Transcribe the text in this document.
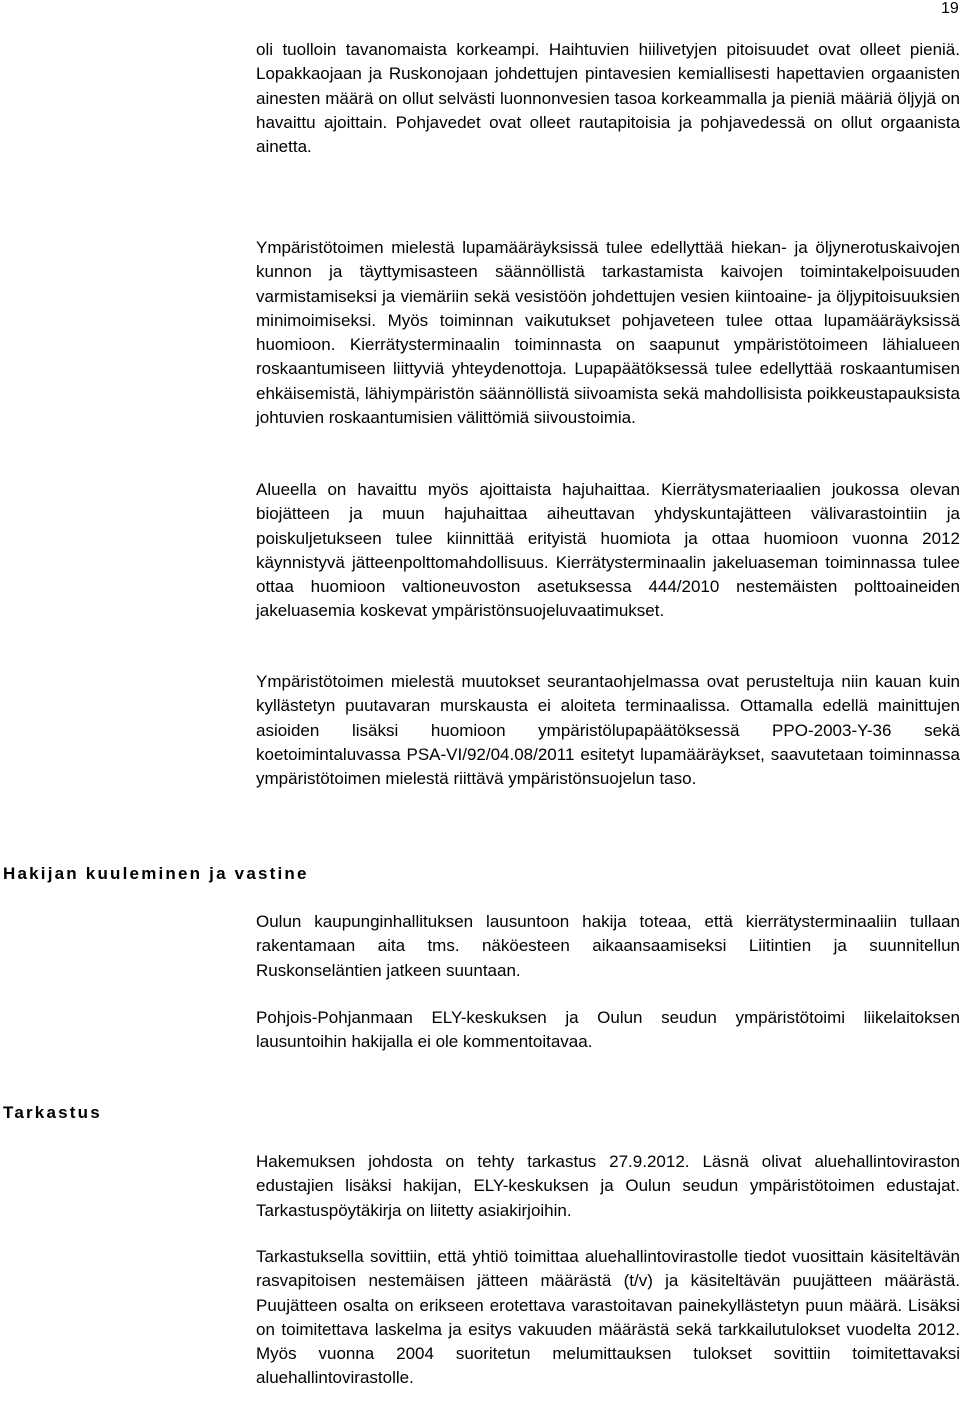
19

oli tuolloin tavanomaista korkeampi. Haihtuvien hiilivetyjen pitoisuudet ovat olleet pieniä. Lopakkaojaan ja Ruskonojaan johdettujen pintavesien kemiallisesti hapettavien orgaanisten ainesten määrä on ollut selvästi luonnonvesien tasoa korkeammalla ja pieniä määriä öljyjä on havaittu ajoittain. Pohjavedet ovat olleet rautapitoisia ja pohjavedessä on ollut orgaanista ainetta.

Ympäristötoimen mielestä lupamääräyksissä tulee edellyttää hiekan- ja öljynerotuskaivojen kunnon ja täyttymisasteen säännöllistä tarkastamista kaivojen toimintakelpoisuuden varmistamiseksi ja viemäriin sekä vesistöön johdettujen vesien kiintoaine- ja öljypitoisuuksien minimoimiseksi. Myös toiminnan vaikutukset pohjaveteen tulee ottaa lupamääräyksissä huomioon. Kierrätysterminaalin toiminnasta on saapunut ympäristötoimeen lähialueen roskaantumiseen liittyviä yhteydenottoja. Lupapäätöksessä tulee edellyttää roskaantumisen ehkäisemistä, lähiympäristön säännöllistä siivoamista sekä mahdollisista poikkeustapauksista johtuvien roskaantumisien välittömiä siivoustoimia.

Alueella on havaittu myös ajoittaista hajuhaittaa. Kierrätysmateriaalien joukossa olevan biojätteen ja muun hajuhaittaa aiheuttavan yhdyskuntajätteen välivarastointiin ja poiskuljetukseen tulee kiinnittää erityistä huomiota ja ottaa huomioon vuonna 2012 käynnistyvä jätteenpolttomahdollisuus. Kierrätysterminaalin jakeluaseman toiminnassa tulee ottaa huomioon valtioneuvoston asetuksessa 444/2010 nestemäisten polttoaineiden jakeluasemia koskevat ympäristönsuojeluvaatimukset.

Ympäristötoimen mielestä muutokset seurantaohjelmassa ovat perusteltuja niin kauan kuin kyllästetyn puutavaran murskausta ei aloiteta terminaalissa. Ottamalla edellä mainittujen asioiden lisäksi huomioon ympäristölupapäätöksessä PPO-2003-Y-36 sekä koetoimintaluvassa PSA-VI/92/04.08/2011 esitetyt lupamääräykset, saavutetaan toiminnassa ympäristötoimen mielestä riittävä ympäristönsuojelun taso.

Hakijan kuuleminen ja vastine

Oulun kaupunginhallituksen lausuntoon hakija toteaa, että kierrätysterminaaliin tullaan rakentamaan aita tms. näköesteen aikaansaamiseksi Liitintien ja suunnitellun Ruskonseläntien jatkeen suuntaan.

Pohjois-Pohjanmaan ELY-keskuksen ja Oulun seudun ympäristötoimi liikelaitoksen lausuntoihin hakijalla ei ole kommentoitavaa.

Tarkastus

Hakemuksen johdosta on tehty tarkastus 27.9.2012. Läsnä olivat aluehallintoviraston edustajien lisäksi hakijan, ELY-keskuksen ja Oulun seudun ympäristötoimen edustajat. Tarkastuspöytäkirja on liitetty asiakirjoihin.

Tarkastuksella sovittiin, että yhtiö toimittaa aluehallintovirastolle tiedot vuosittain käsiteltävän rasvapitoisen nestemäisen jätteen määrästä (t/v) ja käsiteltävän puujätteen määrästä. Puujätteen osalta on erikseen erotettava varastoitavan painekyllästetyn puun määrä. Lisäksi on toimitettava laskelma ja esitys vakuuden määrästä sekä tarkkailutulokset vuodelta 2012. Myös vuonna 2004 suoritetun melumittauksen tulokset sovittiin toimitettavaksi aluehallintovirastolle.
